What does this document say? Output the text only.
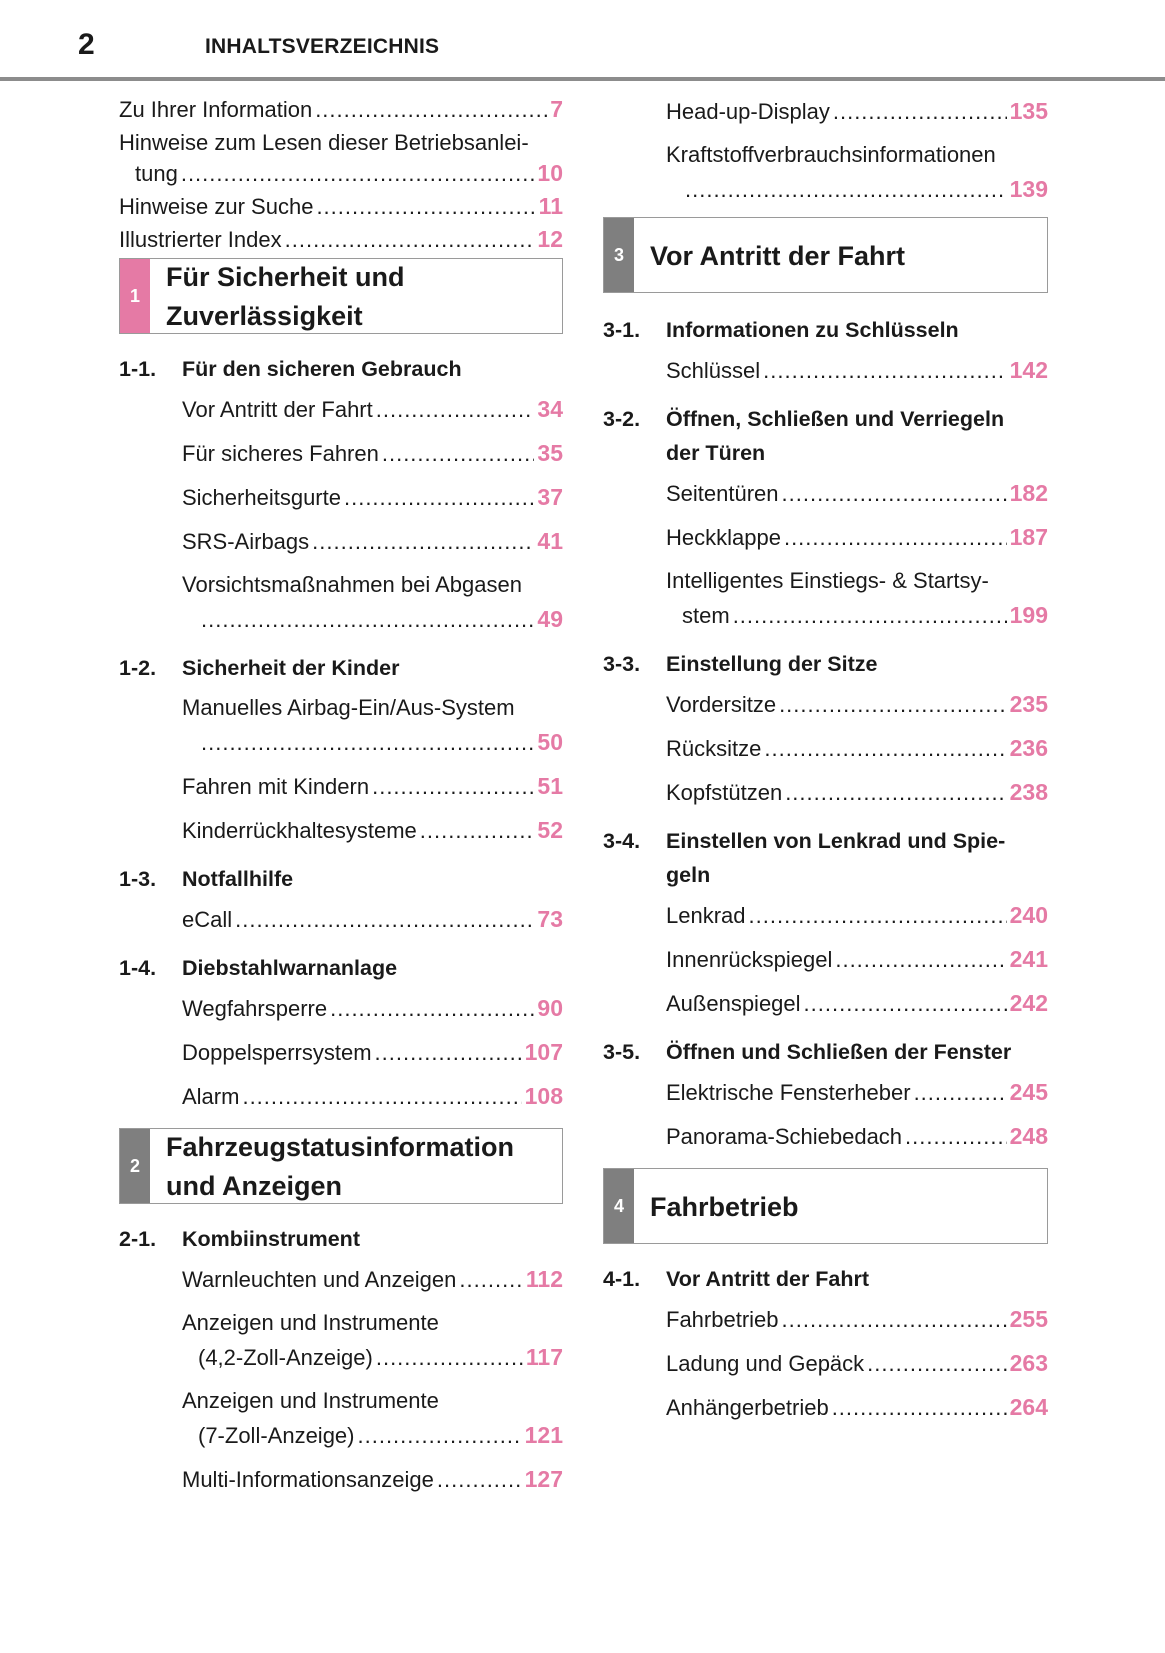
2	INHALTSVERZEICHNIS
Zu Ihrer Information .....	7
Hinweise zum Lesen dieser Betriebsanlei-
tung .....	10
Hinweise zur Suche .....	11
Illustrierter Index .....	12
1
Für Sicherheit und
Zuverlässigkeit
1-1.	Für den sicheren Gebrauch
Vor Antritt der Fahrt .....	34
Für sicheres Fahren .....	35
Sicherheitsgurte .....	37
SRS-Airbags .....	41
Vorsichtsmaßnahmen bei Abgasen
.....
49
1-2.	Sicherheit der Kinder
Manuelles Airbag-Ein/Aus-System
.....
50
Fahren mit Kindern .....	51
Kinderrückhaltesysteme .....	52
1-3.	Notfallhilfe
eCall .....	73
1-4.	Diebstahlwarnanlage
Wegfahrsperre .....	90
Doppelsperrsystem .....	107
Alarm .....	108
2
Fahrzeugstatusinformation
und Anzeigen
2-1.	Kombiinstrument
Warnleuchten und Anzeigen .....	112
Anzeigen und Instrumente
(4,2-Zoll-Anzeige) .....	117
Anzeigen und Instrumente
(7-Zoll-Anzeige) .....	121
Multi-Informationsanzeige .....	127
Head-up-Display .....	135
Kraftstoffverbrauchsinformationen
.....
139
3 Vor Antritt der Fahrt
3-1.	Informationen zu Schlüsseln
Schlüssel .....	142
3-2.	Öffnen, Schließen und Verriegeln
der Türen
Seitentüren .....	182
Heckklappe .....	187
Intelligentes Einstiegs- & Startsy-
stem .....	199
3-3.	Einstellung der Sitze
Vordersitze .....	235
Rücksitze .....	236
Kopfstützen .....	238
3-4.	Einstellen von Lenkrad und Spie-
geln
Lenkrad .....	240
Innenrückspiegel .....	241
Außenspiegel .....	242
3-5.	Öffnen und Schließen der Fenster
Elektrische Fensterheber .....	245
Panorama-Schiebedach .....	248
4 Fahrbetrieb
4-1.	Vor Antritt der Fahrt
Fahrbetrieb .....	255
Ladung und Gepäck .....	263
Anhängerbetrieb .....	264
